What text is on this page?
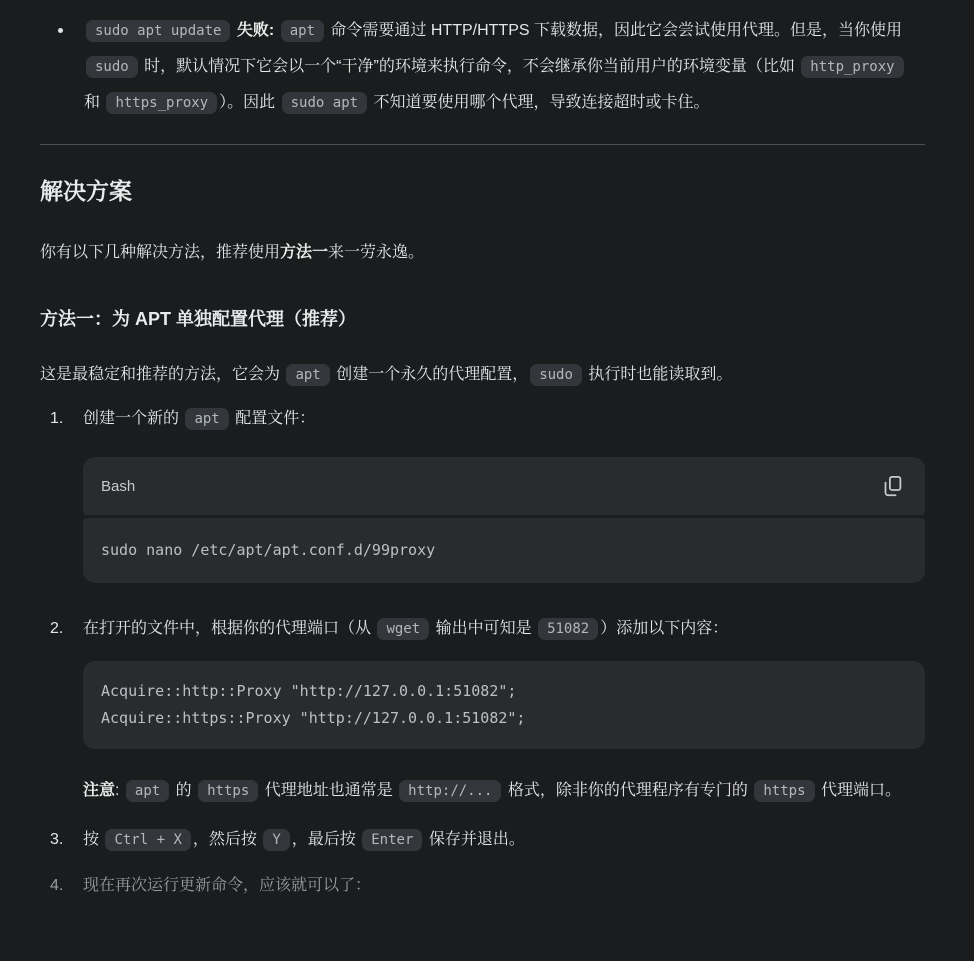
sudo apt update 失败: apt 命令需要通过 HTTP/HTTPS 下载数据，因此它会尝试使用代理。但是，当你使用 sudo 时，默认情况下它会以一个“干净”的环境来执行命令，不会继承你当前用户的环境变量（比如 http_proxy 和 https_proxy ）。因此 sudo apt 不知道要使用哪个代理，导致连接超时或卡住。
解决方案

你有以下几种解决方法，推荐使用方法一来一劳永逸。

方法一：为 APT 单独配置代理（推荐）

这是最稳定和推荐的方法，它会为 apt 创建一个永久的代理配置， sudo 执行时也能读取到。

1. 创建一个新的 apt 配置文件：
Bash
sudo nano /etc/apt/apt.conf.d/99proxy
2. 在打开的文件中，根据你的代理端口（从 wget 输出中可知是 51082 ）添加以下内容：
Acquire::http::Proxy "http://127.0.0.1:51082";
Acquire::https::Proxy "http://127.0.0.1:51082";

注意: apt 的 https 代理地址也通常是 http://... 格式，除非你的代理程序有专门的 https 代理端口。

3. 按 Ctrl + X ，然后按 Y ，最后按 Enter 保存并退出。
4. 现在再次运行更新命令，应该就可以了：
